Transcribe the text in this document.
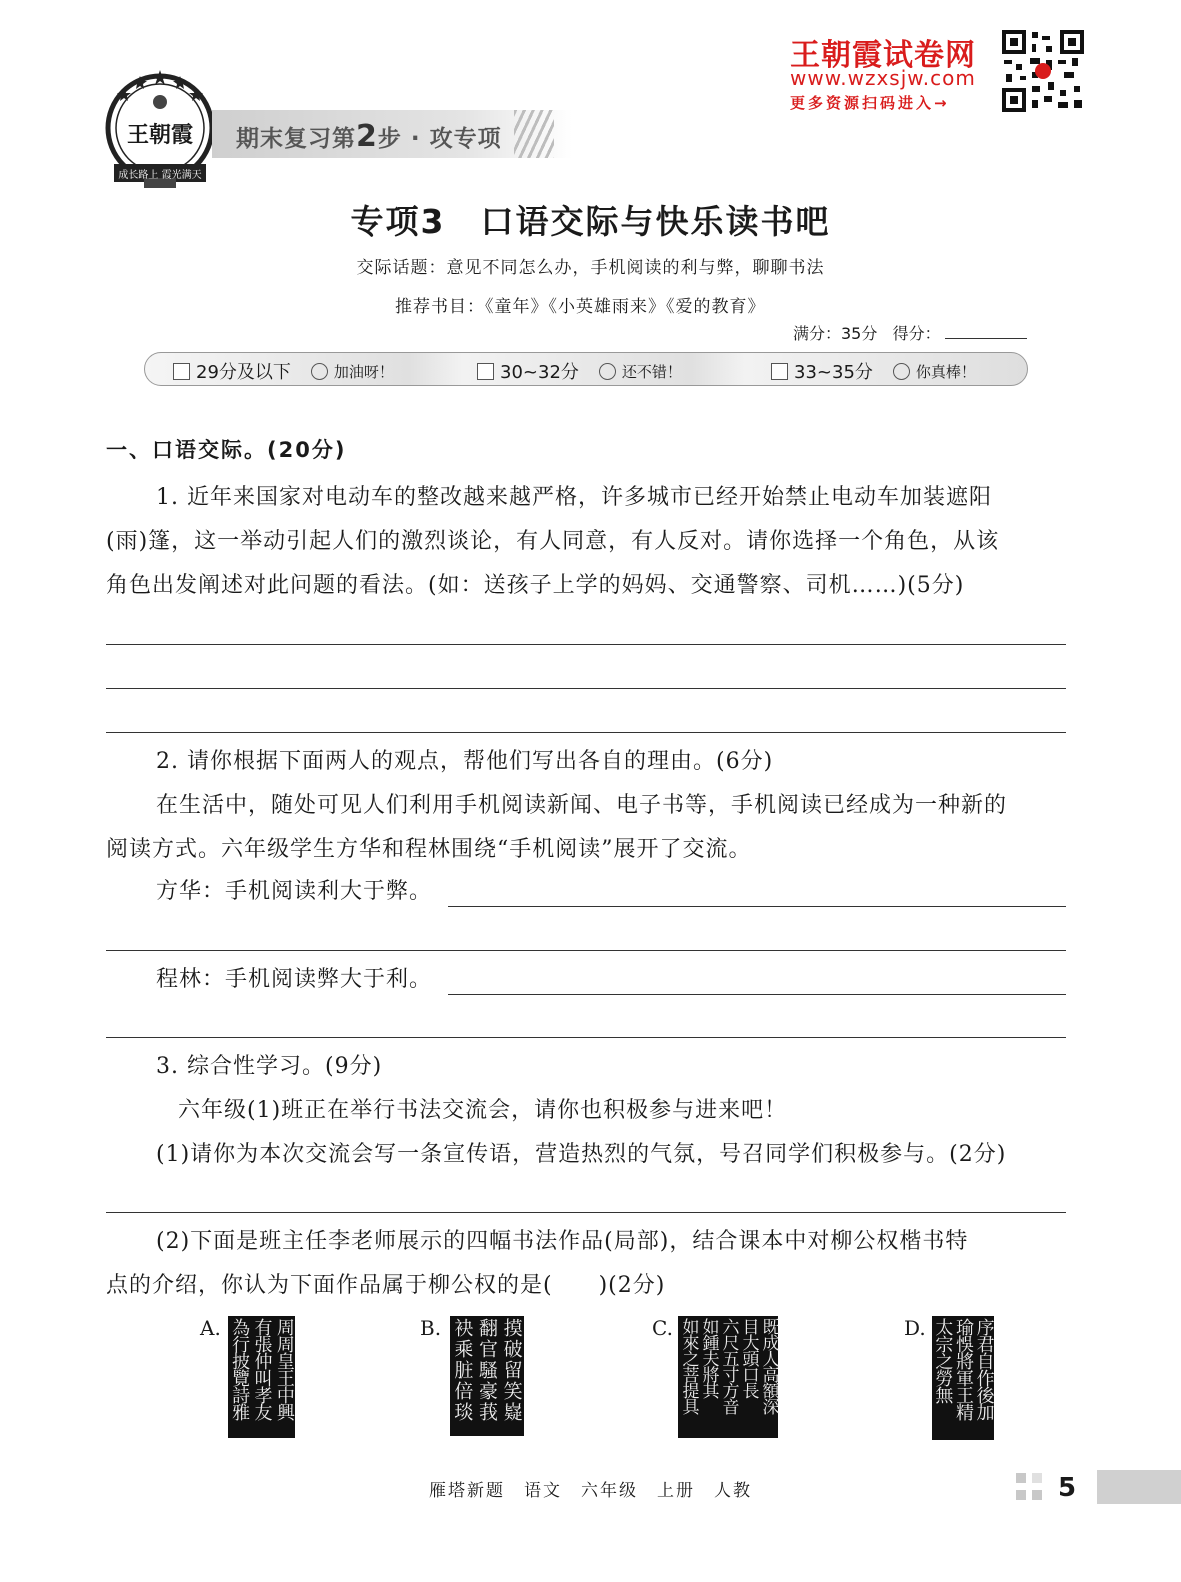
王朝霞
成长路上 霞光满天
期末复习第2步 · 攻专项
王朝霞试卷网
www.wzxsjw.com
更多资源扫码进入→
专项3　口语交际与快乐读书吧
交际话题：意见不同怎么办，手机阅读的利与弊，聊聊书法
推荐书目：《童年》《小英雄雨来》《爱的教育》
满分：35分 得分：
29分及以下	加油呀！	30~32分	还不错！	33~35分	你真棒！
一、口语交际。(20分)
1. 近年来国家对电动车的整改越来越严格，许多城市已经开始禁止电动车加装遮阳
(雨)篷，这一举动引起人们的激烈谈论，有人同意，有人反对。请你选择一个角色，从该
角色出发阐述对此问题的看法。(如：送孩子上学的妈妈、交通警察、司机……)(5分)
2. 请你根据下面两人的观点，帮他们写出各自的理由。(6分)
在生活中，随处可见人们利用手机阅读新闻、电子书等，手机阅读已经成为一种新的
阅读方式。六年级学生方华和程林围绕“手机阅读”展开了交流。
方华：手机阅读利大于弊。
程林：手机阅读弊大于利。
3. 综合性学习。(9分)
六年级(1)班正在举行书法交流会，请你也积极参与进来吧！
(1)请你为本次交流会写一条宣传语，营造热烈的气氛，号召同学们积极参与。(2分)
(2)下面是班主任李老师展示的四幅书法作品(局部)，结合课本中对柳公权楷书特
点的介绍，你认为下面作品属于柳公权的是(　　)(2分)
A.	周周皇王中興
有張仲叫孝友
為行披覽詩雅	B.	摸破留笑嶷
翻官騷豪莪
袂乘脏倍琰	C.	既成人高額深
目大頭口長
六尺五寸方音
如鍾夫將其
如來之菩提具	D.	序君自作後加
瑜悞將軍王精
太宗之勞無
雁塔新题　语文　六年级　上册　人教	5
